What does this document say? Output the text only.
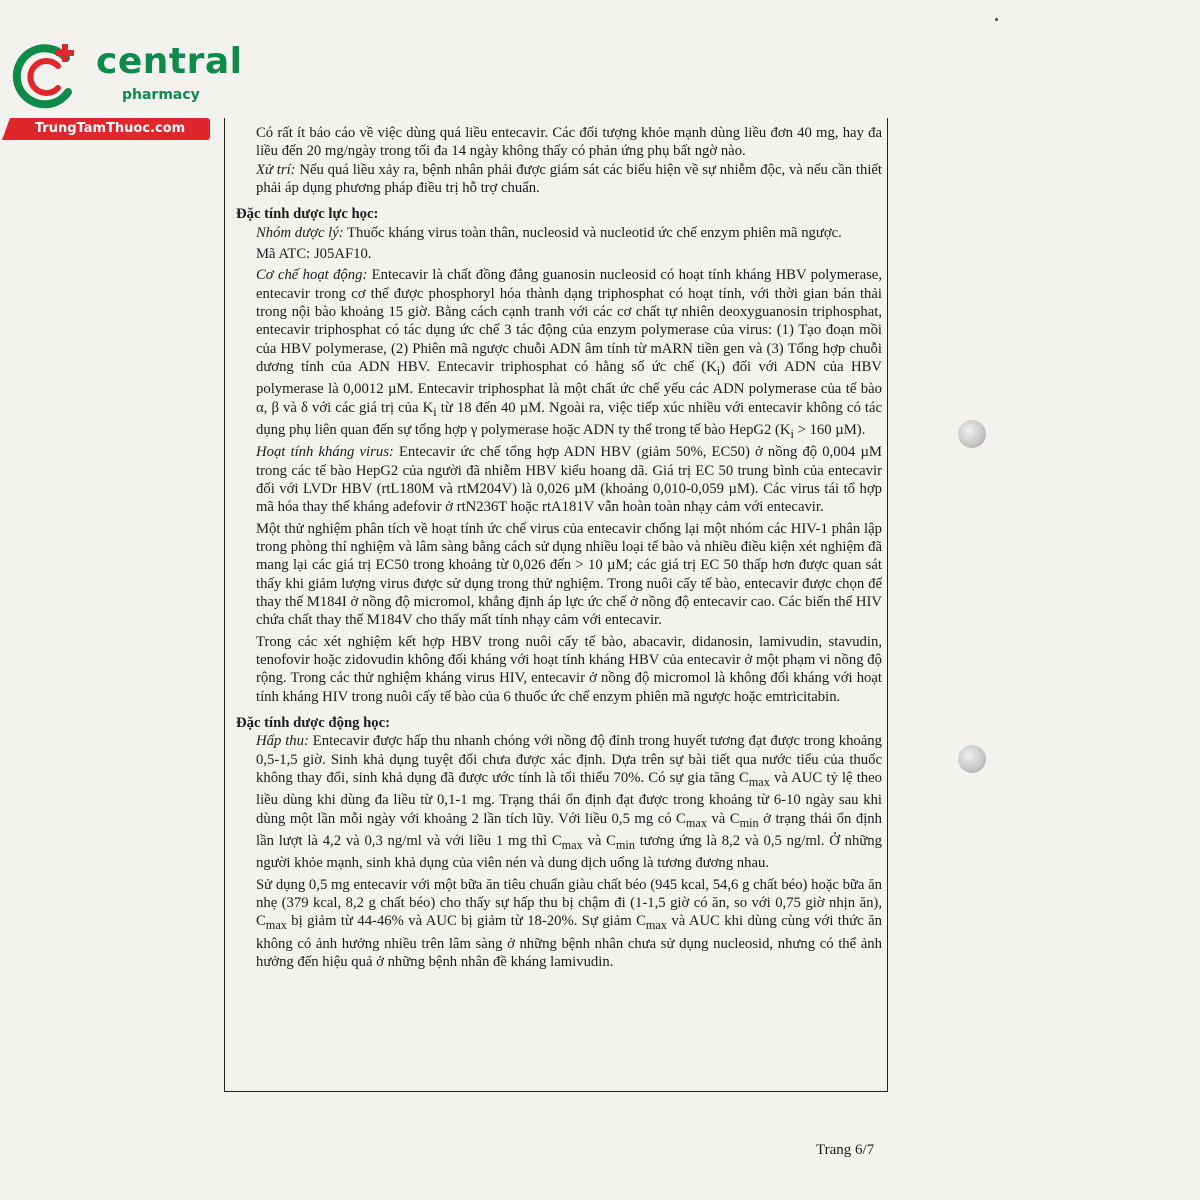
central
pharmacy
TrungTamThuoc.com	Có rất ít báo cáo về việc dùng quá liều entecavir. Các đối tượng khỏe mạnh dùng liều đơn 40 mg, hay đa liều đến 20 mg/ngày trong tối đa 14 ngày không thấy có phản ứng phụ bất ngờ nào.

Xử trí: Nếu quá liều xảy ra, bệnh nhân phải được giám sát các biểu hiện về sự nhiễm độc, và nếu cần thiết phải áp dụng phương pháp điều trị hỗ trợ chuẩn.

Đặc tính dược lực học:

Nhóm dược lý: Thuốc kháng virus toàn thân, nucleosid và nucleotid ức chế enzym phiên mã ngược.

Mã ATC: J05AF10.

Cơ chế hoạt động: Entecavir là chất đồng đẳng guanosin nucleosid có hoạt tính kháng HBV polymerase, entecavir trong cơ thể được phosphoryl hóa thành dạng triphosphat có hoạt tính, với thời gian bán thải trong nội bào khoảng 15 giờ. Bằng cách cạnh tranh với các cơ chất tự nhiên deoxyguanosin triphosphat, entecavir triphosphat có tác dụng ức chế 3 tác động của enzym polymerase của virus: (1) Tạo đoạn mồi của HBV polymerase, (2) Phiên mã ngược chuỗi ADN âm tính từ mARN tiền gen và (3) Tổng hợp chuỗi dương tính của ADN HBV. Entecavir triphosphat có hằng số ức chế $(K_i)$ đối với ADN của HBV polymerase là 0,0012 µM. Entecavir triphosphat là một chất ức chế yếu các ADN polymerase của tế bào α, β và δ với các giá trị của $K_i$ từ 18 đến 40 µM. Ngoài ra, việc tiếp xúc nhiều với entecavir không có tác dụng phụ liên quan đến sự tổng hợp γ polymerase hoặc ADN ty thể trong tế bào HepG2 ($K_i > 160$ µM).

Hoạt tính kháng virus: Entecavir ức chế tổng hợp ADN HBV (giảm 50%, EC50) ở nồng độ 0,004 µM trong các tế bào HepG2 của người đã nhiễm HBV kiểu hoang dã. Giá trị EC 50 trung bình của entecavir đối với LVDr HBV (rtL180M và rtM204V) là 0,026 µM (khoảng 0,010-0,059 µM). Các virus tái tổ hợp mã hóa thay thế kháng adefovir ở rtN236T hoặc rtA181V vẫn hoàn toàn nhạy cảm với entecavir.

Một thử nghiệm phân tích về hoạt tính ức chế virus của entecavir chống lại một nhóm các HIV-1 phân lập trong phòng thí nghiệm và lâm sàng bằng cách sử dụng nhiều loại tế bào và nhiều điều kiện xét nghiệm đã mang lại các giá trị EC50 trong khoảng từ 0,026 đến > 10 µM; các giá trị EC 50 thấp hơn được quan sát thấy khi giảm lượng virus được sử dụng trong thử nghiệm. Trong nuôi cấy tế bào, entecavir được chọn để thay thế M184I ở nồng độ micromol, khẳng định áp lực ức chế ở nồng độ entecavir cao. Các biến thể HIV chứa chất thay thế M184V cho thấy mất tính nhạy cảm với entecavir.

Trong các xét nghiệm kết hợp HBV trong nuôi cấy tế bào, abacavir, didanosin, lamivudin, stavudin, tenofovir hoặc zidovudin không đối kháng với hoạt tính kháng HBV của entecavir ở một phạm vi nồng độ rộng. Trong các thử nghiệm kháng virus HIV, entecavir ở nồng độ micromol là không đối kháng với hoạt tính kháng HIV trong nuôi cấy tế bào của 6 thuốc ức chế enzym phiên mã ngược hoặc emtricitabin.

Đặc tính dược động học:

Hấp thu: Entecavir được hấp thu nhanh chóng với nồng độ đỉnh trong huyết tương đạt được trong khoảng 0,5-1,5 giờ. Sinh khả dụng tuyệt đối chưa được xác định. Dựa trên sự bài tiết qua nước tiểu của thuốc không thay đổi, sinh khả dụng đã được ước tính là tối thiểu 70%. Có sự gia tăng $C_{max}$ và AUC tỷ lệ theo liều dùng khi dùng đa liều từ 0,1-1 mg. Trạng thái ổn định đạt được trong khoảng từ 6-10 ngày sau khi dùng một lần mỗi ngày với khoảng 2 lần tích lũy. Với liều 0,5 mg có $C_{max}$ và $C_{min}$ ở trạng thái ổn định lần lượt là 4,2 và 0,3 ng/ml và với liều 1 mg thì $C_{max}$ và $C_{min}$ tương ứng là 8,2 và 0,5 ng/ml. Ở những người khỏe mạnh, sinh khả dụng của viên nén và dung dịch uống là tương đương nhau.

Sử dụng 0,5 mg entecavir với một bữa ăn tiêu chuẩn giàu chất béo (945 kcal, 54,6 g chất béo) hoặc bữa ăn nhẹ (379 kcal, 8,2 g chất béo) cho thấy sự hấp thu bị chậm đi (1-1,5 giờ có ăn, so với 0,75 giờ nhịn ăn), $C_{max}$ bị giảm từ 44-46% và AUC bị giảm từ 18-20%. Sự giảm $C_{max}$ và AUC khi dùng cùng với thức ăn không có ảnh hưởng nhiều trên lâm sàng ở những bệnh nhân chưa sử dụng nucleosid, nhưng có thể ảnh hưởng đến hiệu quả ở những bệnh nhân đề kháng lamivudin.

Trang 6/7
